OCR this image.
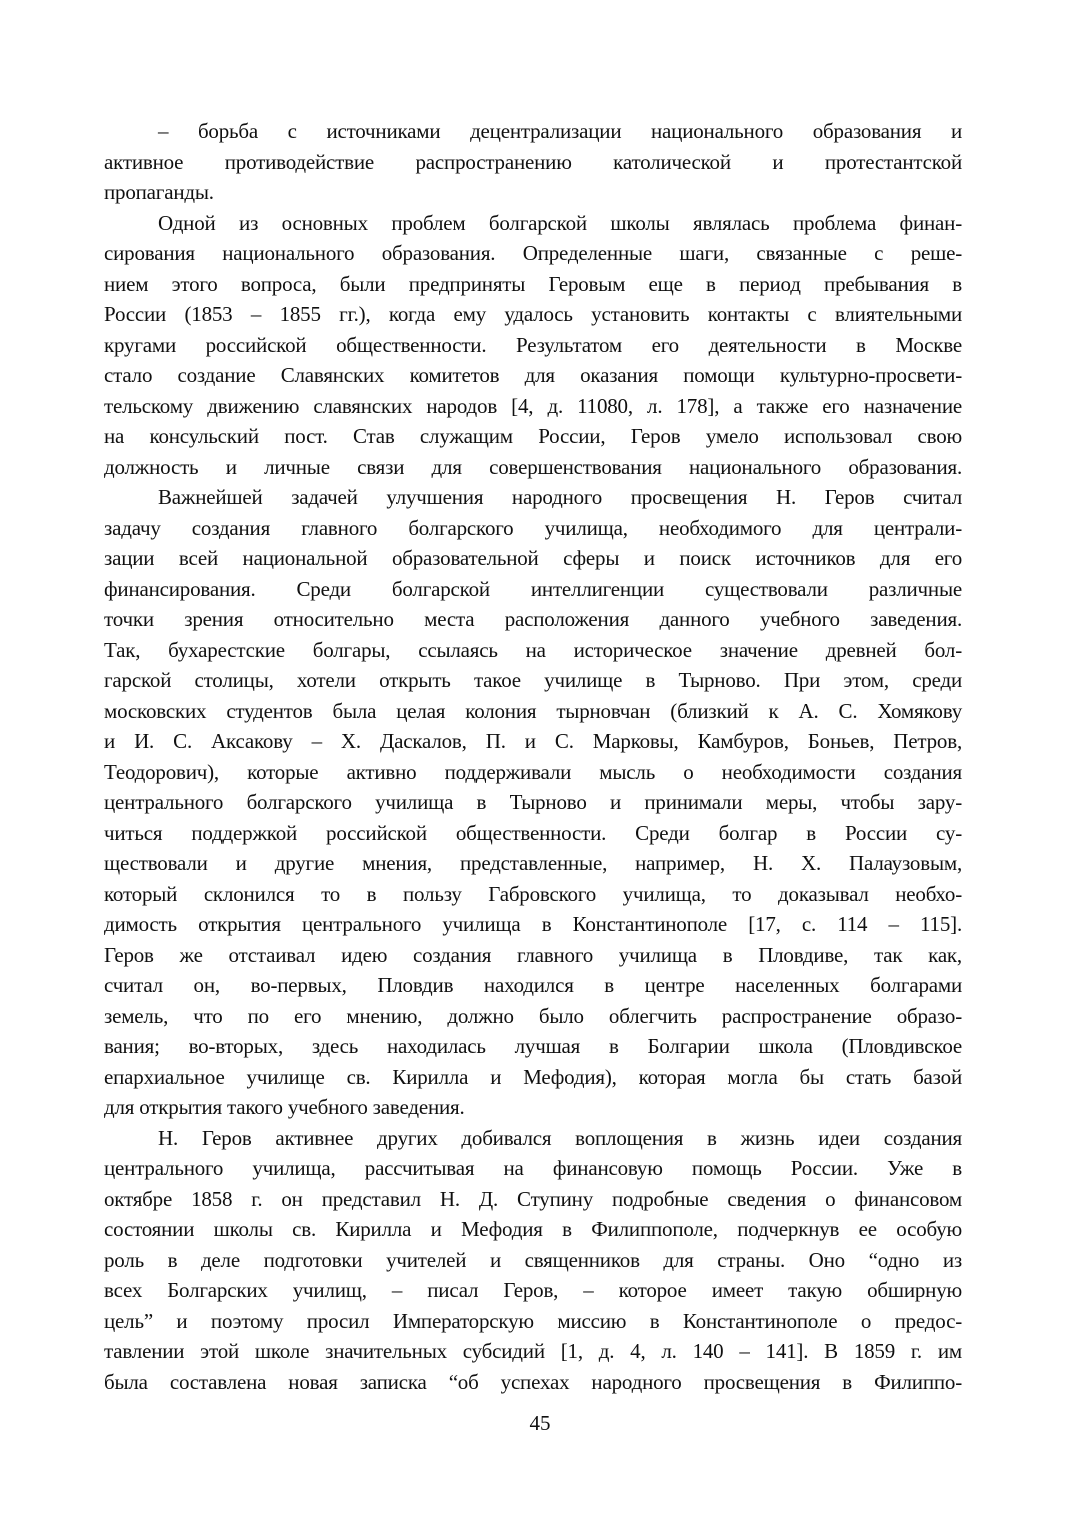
– борьба с источниками децентрализации национального образования и
активное противодействие распространению католической и протестантской
пропаганды.
Одной из основных проблем болгарской школы являлась проблема финан-
сирования национального образования. Определенные шаги, связанные с реше-
нием этого вопроса, были предприняты Геровым еще в период пребывания в
России (1853 – 1855 гг.), когда ему удалось установить контакты с влиятельными
кругами российской общественности. Результатом его деятельности в Москве
стало создание Славянских комитетов для оказания помощи культурно-просвети-
тельскому движению славянских народов [4, д. 11080, л. 178], а также его назначение
на консульский пост. Став служащим России, Геров умело использовал свою
должность и личные связи для совершенствования национального образования.
Важнейшей задачей улучшения народного просвещения Н. Геров считал
задачу создания главного болгарского училища, необходимого для централи-
зации всей национальной образовательной сферы и поиск источников для его
финансирования. Среди болгарской интеллигенции существовали различные
точки зрения относительно места расположения данного учебного заведения.
Так, бухарестские болгары, ссылаясь на историческое значение древней бол-
гарской столицы, хотели открыть такое училище в Тырново. При этом, среди
московских студентов была целая колония тырновчан (близкий к А. С. Хомякову
и И. С. Аксакову – Х. Даскалов, П. и С. Марковы, Камбуров, Боньев, Петров,
Теодорович), которые активно поддерживали мысль о необходимости создания
центрального болгарского училища в Тырново и принимали меры, чтобы зару-
читься поддержкой российской общественности. Среди болгар в России су-
ществовали и другие мнения, представленные, например, Н. Х. Палаузовым,
который склонился то в пользу Габровского училища, то доказывал необхо-
димость открытия центрального училища в Константинополе [17, с. 114 – 115].
Геров же отстаивал идею создания главного училища в Пловдиве, так как,
считал он, во-первых, Пловдив находился в центре населенных болгарами
земель, что по его мнению, должно было облегчить распространение образо-
вания; во-вторых, здесь находилась лучшая в Болгарии школа (Пловдивское
епархиальное училище св. Кирилла и Мефодия), которая могла бы стать базой
для открытия такого учебного заведения.
Н. Геров активнее других добивался воплощения в жизнь идеи создания
центрального училища, рассчитывая на финансовую помощь России. Уже в
октябре 1858 г. он представил Н. Д. Ступину подробные сведения о финансовом
состоянии школы св. Кирилла и Мефодия в Филиппополе, подчеркнув ее особую
роль в деле подготовки учителей и священников для страны. Оно “одно из
всех Болгарских училищ, – писал Геров, – которое имеет такую обширную
цель” и поэтому просил Императорскую миссию в Константинополе о предос-
тавлении этой школе значительных субсидий [1, д. 4, л. 140 – 141]. В 1859 г. им
была составлена новая записка “об успехах народного просвещения в Филиппо-
45
